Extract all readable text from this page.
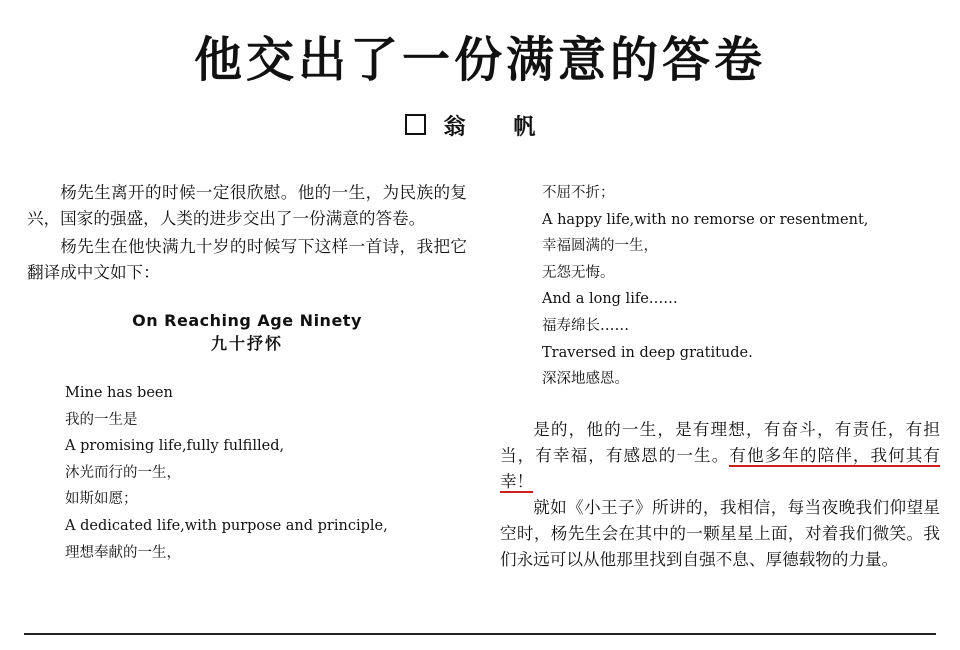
他交出了一份满意的答卷
翁 帆

杨先生离开的时候一定很欣慰。他的一生，为民族的复兴，国家的强盛，人类的进步交出了一份满意的答卷。

杨先生在他快满九十岁的时候写下这样一首诗，我把它翻译成中文如下：

On Reaching Age Ninety
九十抒怀
Mine has been
我的一生是
A promising life,fully fulfilled,
沐光而行的一生，
如斯如愿；
A dedicated life,with purpose and principle,
理想奉献的一生，
不屈不折；
A happy life,with no remorse or resentment,
幸福圆满的一生，
无怨无悔。
And a long life……
福寿绵长……
Traversed in deep gratitude.
深深地感恩。

是的，他的一生，是有理想，有奋斗，有责任，有担当，有幸福，有感恩的一生。有他多年的陪伴，我何其有幸！

就如《小王子》所讲的，我相信，每当夜晚我们仰望星空时，杨先生会在其中的一颗星星上面，对着我们微笑。我们永远可以从他那里找到自强不息、厚德载物的力量。
